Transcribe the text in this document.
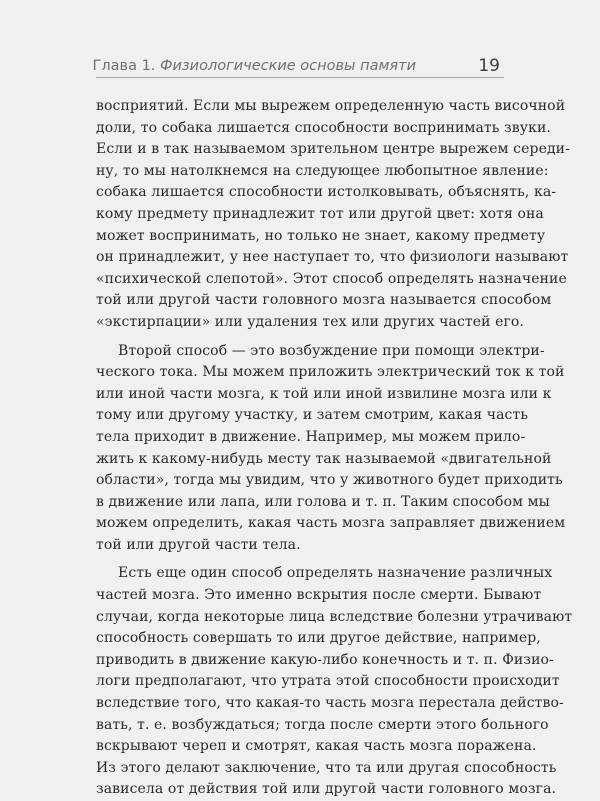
Глава 1. Физиологические основы памяти	19
восприятий. Если мы вырежем определенную часть височной
доли, то собака лишается способности воспринимать звуки.
Если и в так называемом зрительном центре вырежем середи-
ну, то мы натолкнемся на следующее любопытное явление:
собака лишается способности истолковывать, объяснять, ка-
кому предмету принадлежит тот или другой цвет: хотя она
может воспринимать, но только не знает, какому предмету
он принадлежит, у нее наступает то, что физиологи называют
«психической слепотой». Этот способ определять назначение
той или другой части головного мозга называется способом
«экстирпации» или удаления тех или других частей его.
Второй способ — это возбуждение при помощи электри-
ческого тока. Мы можем приложить электрический ток к той
или иной части мозга, к той или иной извилине мозга или к
тому или другому участку, и затем смотрим, какая часть
тела приходит в движение. Например, мы можем прило-
жить к какому-нибудь месту так называемой «двигательной
области», тогда мы увидим, что у животного будет приходить
в движение или лапа, или голова и т. п. Таким способом мы
можем определить, какая часть мозга заправляет движением
той или другой части тела.
Есть еще один способ определять назначение различных
частей мозга. Это именно вскрытия после смерти. Бывают
случаи, когда некоторые лица вследствие болезни утрачивают
способность совершать то или другое действие, например,
приводить в движение какую-либо конечность и т. п. Физио-
логи предполагают, что утрата этой способности происходит
вследствие того, что какая-то часть мозга перестала действо-
вать, т. е. возбуждаться; тогда после смерти этого больного
вскрывают череп и смотрят, какая часть мозга поражена.
Из этого делают заключение, что та или другая способность
зависела от действия той или другой части головного мозга.
